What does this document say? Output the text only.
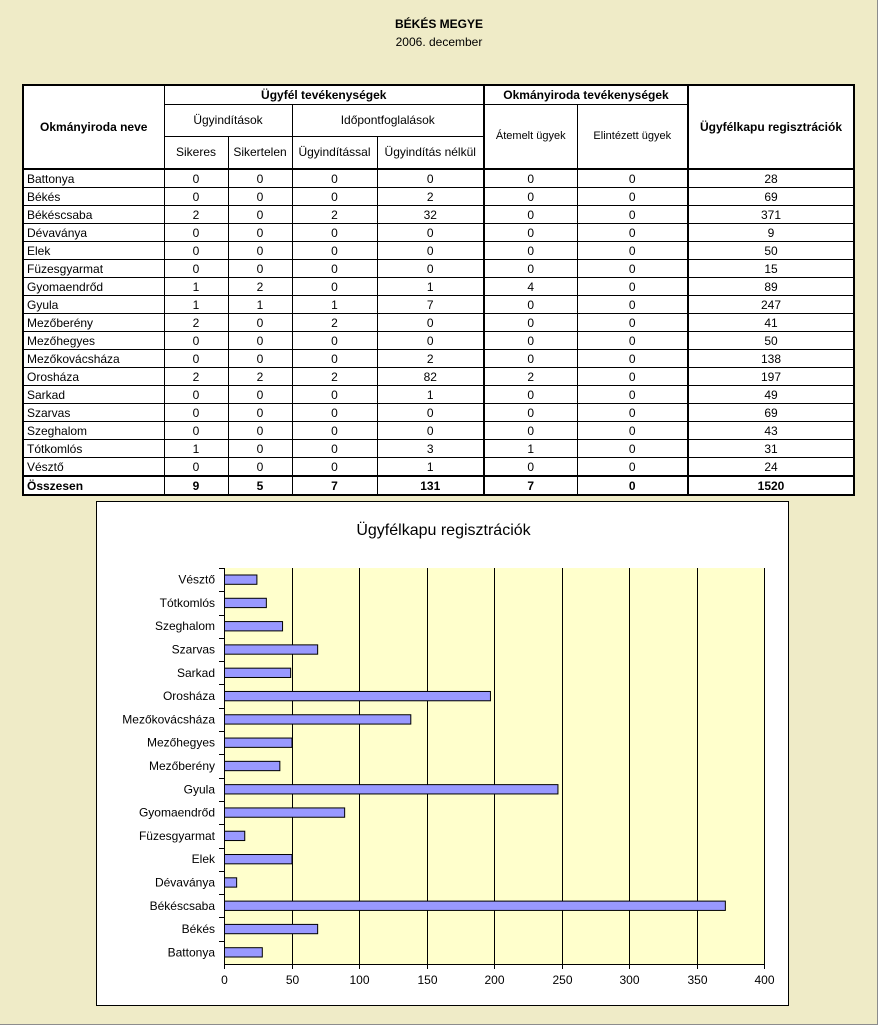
BÉKÉS MEGYE
2006. december
Okmányiroda neve	Ügyfél tevékenységek				Okmányiroda tevékenységek		Ügyfélkapu regisztrációk
	Ügyindítások		Időpontfoglalások		Átemelt ügyek	Elintézett ügyek	
	Sikeres	Sikertelen	Ügyindítással	Ügyindítás nélkül			
Battonya	0	0	0	0	0	0	28
Békés	0	0	0	2	0	0	69
Békéscsaba	2	0	2	32	0	0	371
Dévaványa	0	0	0	0	0	0	9
Elek	0	0	0	0	0	0	50
Füzesgyarmat	0	0	0	0	0	0	15
Gyomaendrőd	1	2	0	1	4	0	89
Gyula	1	1	1	7	0	0	247
Mezőberény	2	0	2	0	0	0	41
Mezőhegyes	0	0	0	0	0	0	50
Mezőkovácsháza	0	0	0	2	0	0	138
Orosháza	2	2	2	82	2	0	197
Sarkad	0	0	0	1	0	0	49
Szarvas	0	0	0	0	0	0	69
Szeghalom	0	0	0	0	0	0	43
Tótkomlós	1	0	0	3	1	0	31
Vésztő	0	0	0	1	0	0	24
Összesen	9	5	7	131	7	0	1520
Ügyfélkapu regisztrációk
0	50	100	150	200	250	300	350	400
Battonya
Békés
Békéscsaba
Dévaványa
Elek
Füzesgyarmat
Gyomaendrőd
Gyula
Mezőberény
Mezőhegyes
Mezőkovácsháza
Orosháza
Sarkad
Szarvas
Szeghalom
Tótkomlós
Vésztő
